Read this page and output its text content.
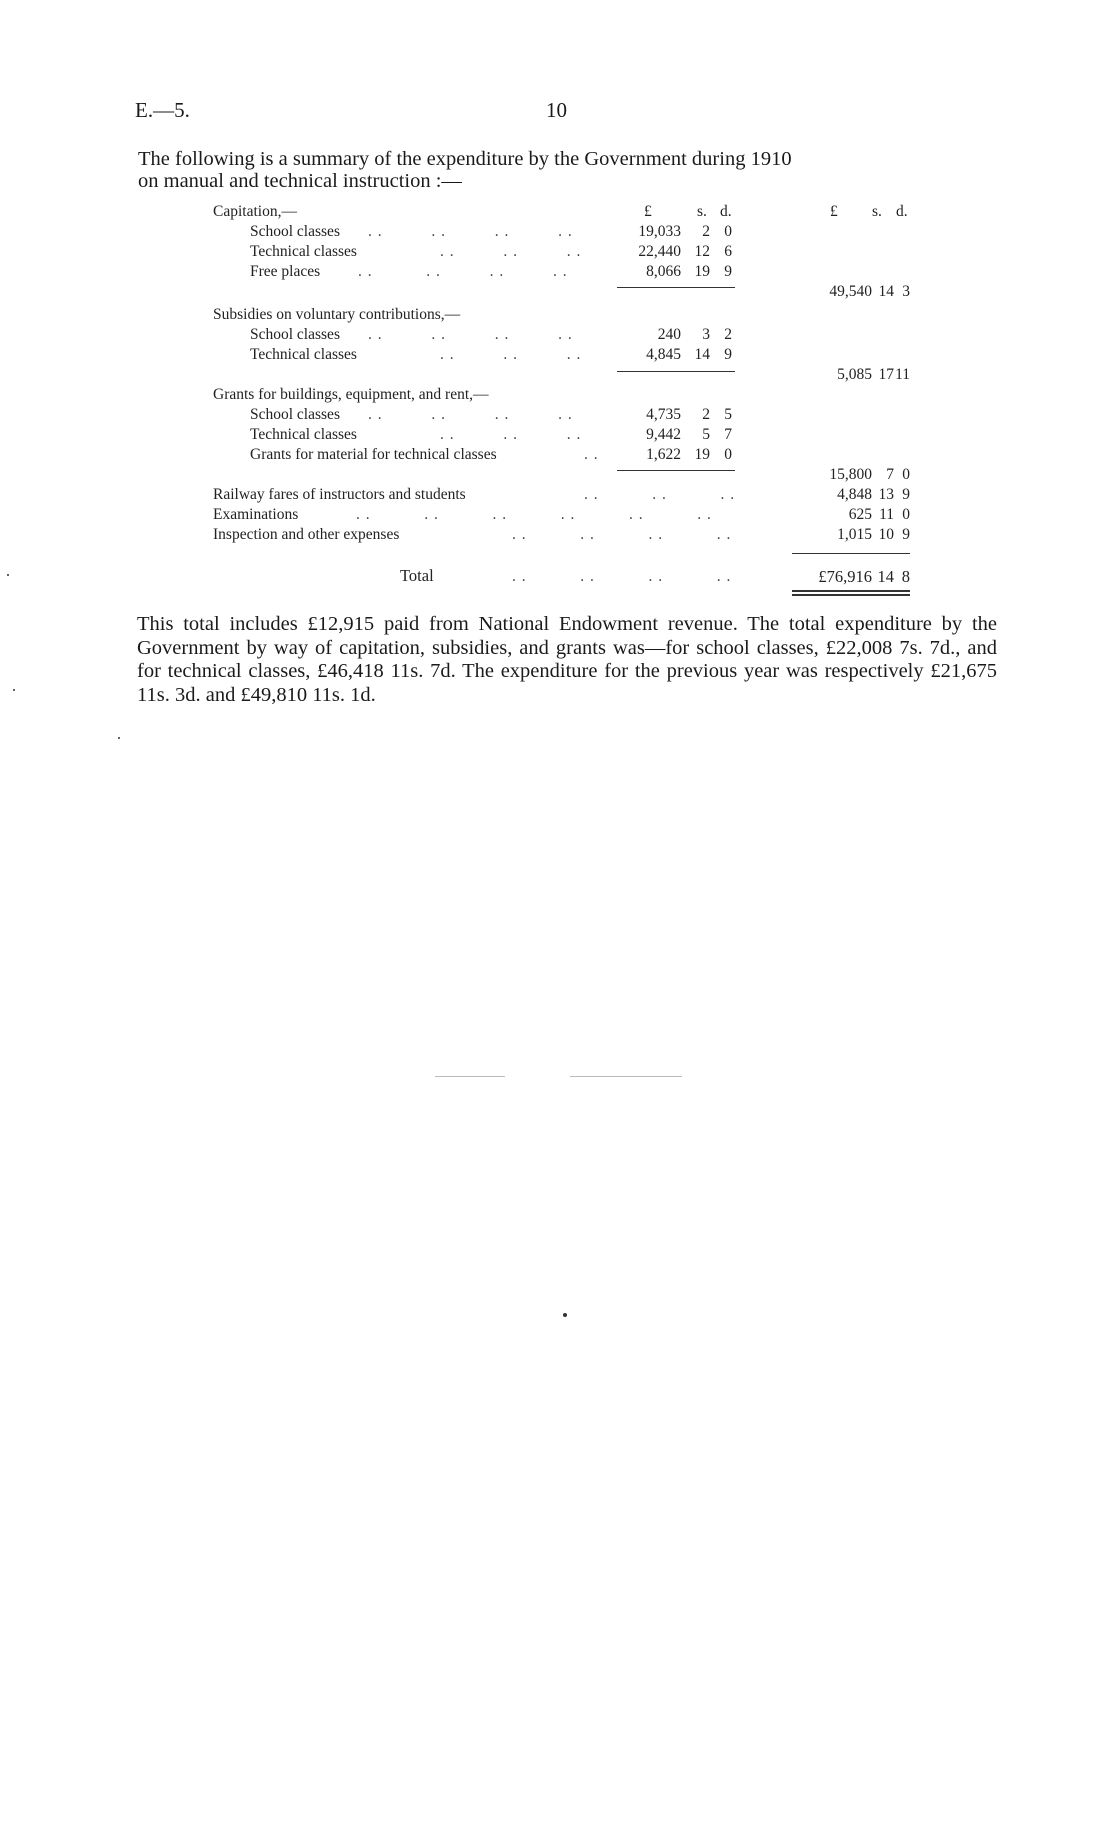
E.—5.	10
The following is a summary of the expenditure by the Government during 1910
on manual and technical instruction :—
£	s. d.	£ s. d.
Capitation,—
School classes . .          . .          . .          . .	19,033 2 0
Technical classes	. .          . .          . .	22,440 12 6
Free places . .           . .          . .          . .	8,066 19 9
49,540 14 3
Subsidies on voluntary contributions,—
School classes . .          . .          . .          . .	240 3 2
Technical classes	. .          . .          . .	4,845 14 9
5,085 17 11
Grants for buildings, equipment, and rent,—
School classes . .          . .          . .          . .	4,735 2 5
Technical classes	. .          . .          . .	9,442 5 7
Grants for material for technical classes	. .	1,622 19 0
15,800 7 0
Railway fares of instructors and students	. .           . .           . .	4,848 13 9
Examinations	. .           . .           . .           . .           . .           . .	625 11 0
Inspection and other expenses	. .           . .           . .           . .	1,015 10 9
Total	. .           . .           . .           . .	£76,916 14 8
This total includes £12,915 paid from National Endowment revenue. The total expenditure by the Government by way of capitation, subsidies, and grants was—for school classes, £22,008 7s. 7d., and for technical classes, £46,418 11s. 7d. The expenditure for the previous year was respectively £21,675 11s. 3d. and £49,810 11s. 1d.
